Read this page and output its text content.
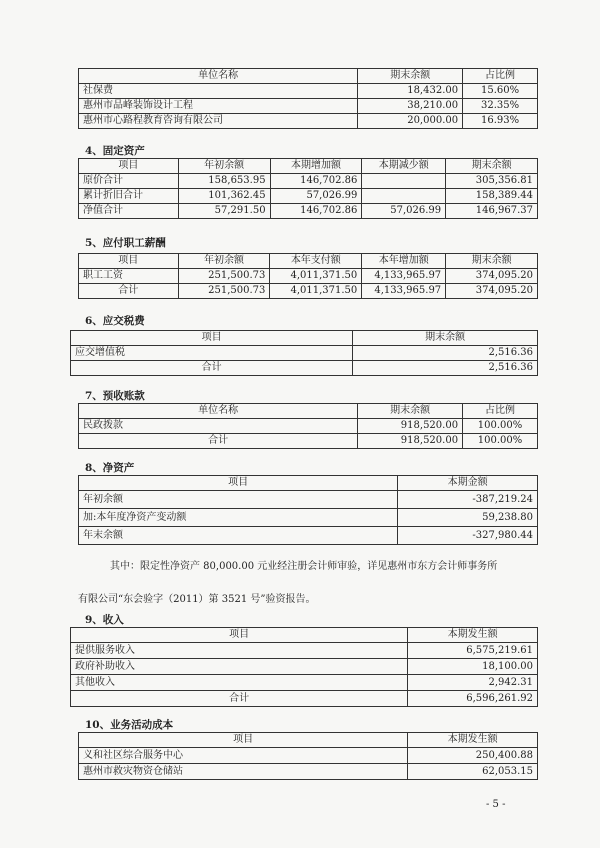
单位名称	期末余额	占比例
社保费	18,432.00	15.60%
惠州市品峰装饰设计工程	38,210.00	32.35%
惠州市心路程教育咨询有限公司	20,000.00	16.93%
4、固定资产
项目	年初余额	本期增加额	本期减少额	期末余额
原价合计	158,653.95	146,702.86		305,356.81
累计折旧合计	101,362.45	57,026.99		158,389.44
净值合计	57,291.50	146,702.86	57,026.99	146,967.37
5、应付职工薪酬
项目	年初余额	本年支付额	本年增加额	期末余额
职工工资	251,500.73	4,011,371.50	4,133,965.97	374,095.20
合计	251,500.73	4,011,371.50	4,133,965.97	374,095.20
6、应交税费
项目	期末余额
应交增值税	2,516.36
合计	2,516.36
7、预收账款
单位名称	期末余额	占比例
民政拨款	918,520.00	100.00%
合计	918,520.00	100.00%
8、净资产
项目	本期金额
年初余额	-387,219.24
加:本年度净资产变动额	59,238.80
年末余额	-327,980.44
其中：限定性净资产 80,000.00 元业经注册会计师审验，详见惠州市东方会计师事务所
有限公司“东会验字（2011）第 3521 号”验资报告。
9、收入
项目	本期发生额
提供服务收入	6,575,219.61
政府补助收入	18,100.00
其他收入	2,942.31
合计	6,596,261.92
10、业务活动成本
项目	本期发生额
义和社区综合服务中心	250,400.88
惠州市救灾物资仓储站	62,053.15
- 5 -
